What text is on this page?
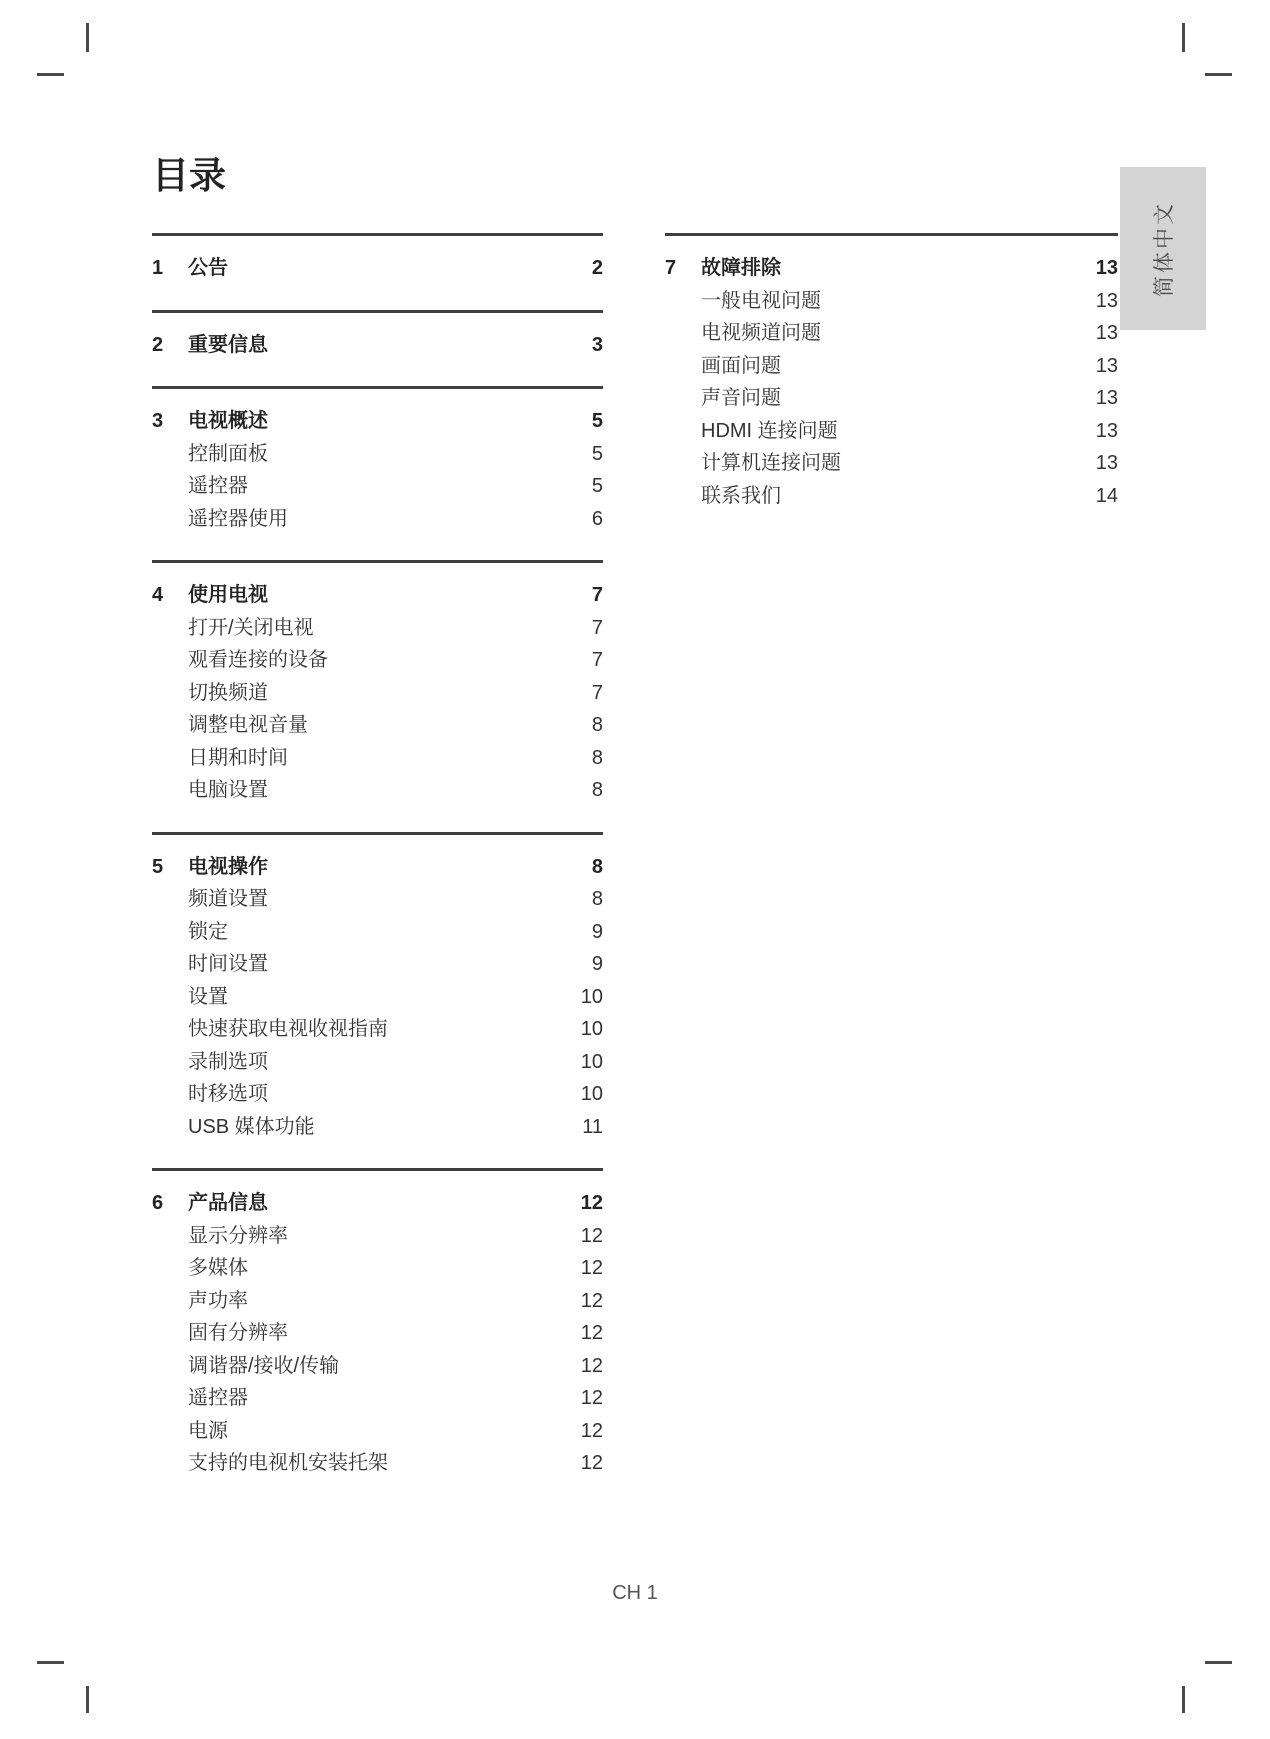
简体中文
目录
1	公告	2
2	重要信息	3
3	电视概述	5
控制面板	5
遥控器	5
遥控器使用	6
4	使用电视	7
打开/关闭电视	7
观看连接的设备	7
切换频道	7
调整电视音量	8
日期和时间	8
电脑设置	8
5	电视操作	8
频道设置	8
锁定	9
时间设置	9
设置	10
快速获取电视收视指南	10
录制选项	10
时移选项	10
USB 媒体功能	11
6	产品信息	12
显示分辨率	12
多媒体	12
声功率	12
固有分辨率	12
调谐器/接收/传输	12
遥控器	12
电源	12
支持的电视机安装托架	12
7	故障排除	13
一般电视问题	13
电视频道问题	13
画面问题	13
声音问题	13
HDMI 连接问题	13
计算机连接问题	13
联系我们	14
CH 1
